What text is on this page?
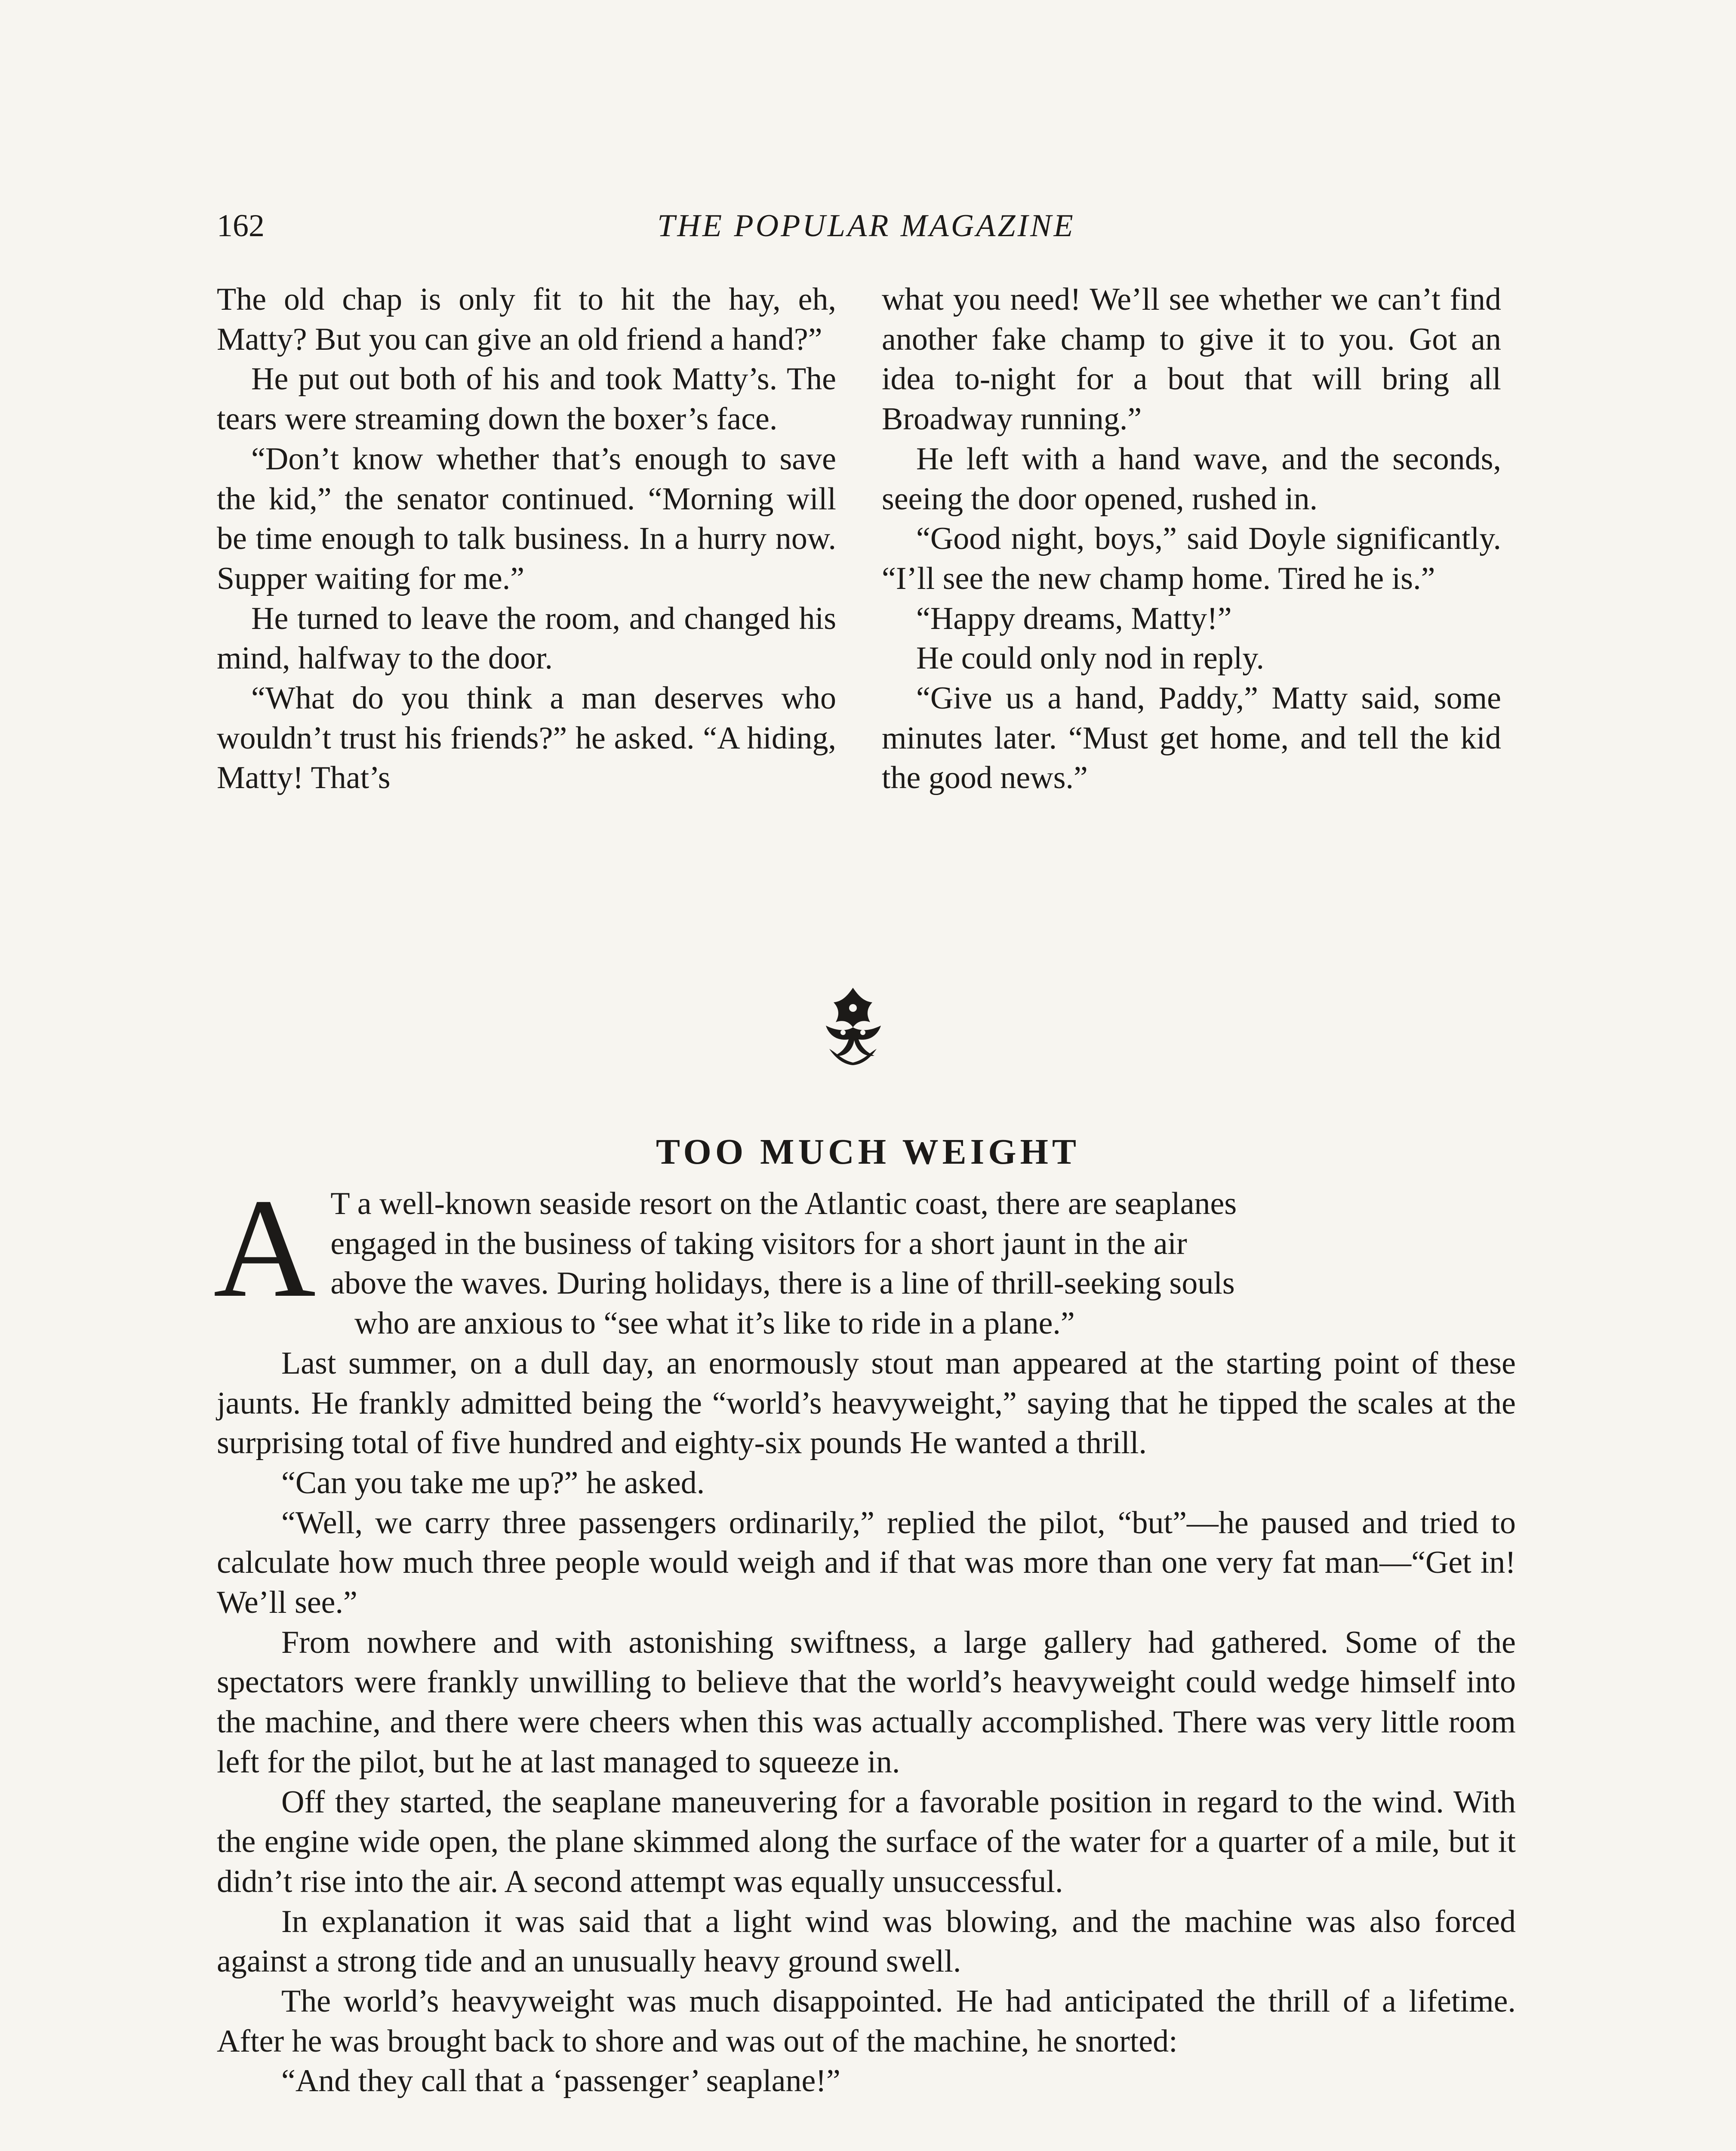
162	THE POPULAR MAGAZINE

The old chap is only fit to hit the hay, eh, Matty? But you can give an old friend a hand?”

He put out both of his and took Matty’s. The tears were streaming down the boxer’s face.

“Don’t know whether that’s enough to save the kid,” the senator continued. “Morning will be time enough to talk business. In a hurry now. Supper waiting for me.”

He turned to leave the room, and changed his mind, halfway to the door.

“What do you think a man deserves who wouldn’t trust his friends?” he asked. “A hiding, Matty! That’s

what you need! We’ll see whether we can’t find another fake champ to give it to you. Got an idea to-night for a bout that will bring all Broadway running.”

He left with a hand wave, and the seconds, seeing the door opened, rushed in.

“Good night, boys,” said Doyle significantly. “I’ll see the new champ home. Tired he is.”

“Happy dreams, Matty!”

He could only nod in reply.

“Give us a hand, Paddy,” Matty said, some minutes later. “Must get home, and tell the kid the good news.”

TOO MUCH WEIGHT

A T a well-known seaside resort on the Atlantic coast, there are seaplanes
engaged in the business of taking visitors for a short jaunt in the air
above the waves. During holidays, there is a line of thrill-seeking souls
who are anxious to “see what it’s like to ride in a plane.”

Last summer, on a dull day, an enormously stout man appeared at the starting point of these jaunts. He frankly admitted being the “world’s heavyweight,” saying that he tipped the scales at the surprising total of five hundred and eighty-six pounds He wanted a thrill.

“Can you take me up?” he asked.

“Well, we carry three passengers ordinarily,” replied the pilot, “but”—he paused and tried to calculate how much three people would weigh and if that was more than one very fat man—“Get in! We’ll see.”

From nowhere and with astonishing swiftness, a large gallery had gathered. Some of the spectators were frankly unwilling to believe that the world’s heavyweight could wedge himself into the machine, and there were cheers when this was actually accomplished. There was very little room left for the pilot, but he at last managed to squeeze in.

Off they started, the seaplane maneuvering for a favorable position in regard to the wind. With the engine wide open, the plane skimmed along the surface of the water for a quarter of a mile, but it didn’t rise into the air. A second attempt was equally unsuccessful.

In explanation it was said that a light wind was blowing, and the machine was also forced against a strong tide and an unusually heavy ground swell.

The world’s heavyweight was much disappointed. He had anticipated the thrill of a lifetime. After he was brought back to shore and was out of the machine, he snorted:

“And they call that a ‘passenger’ seaplane!”
